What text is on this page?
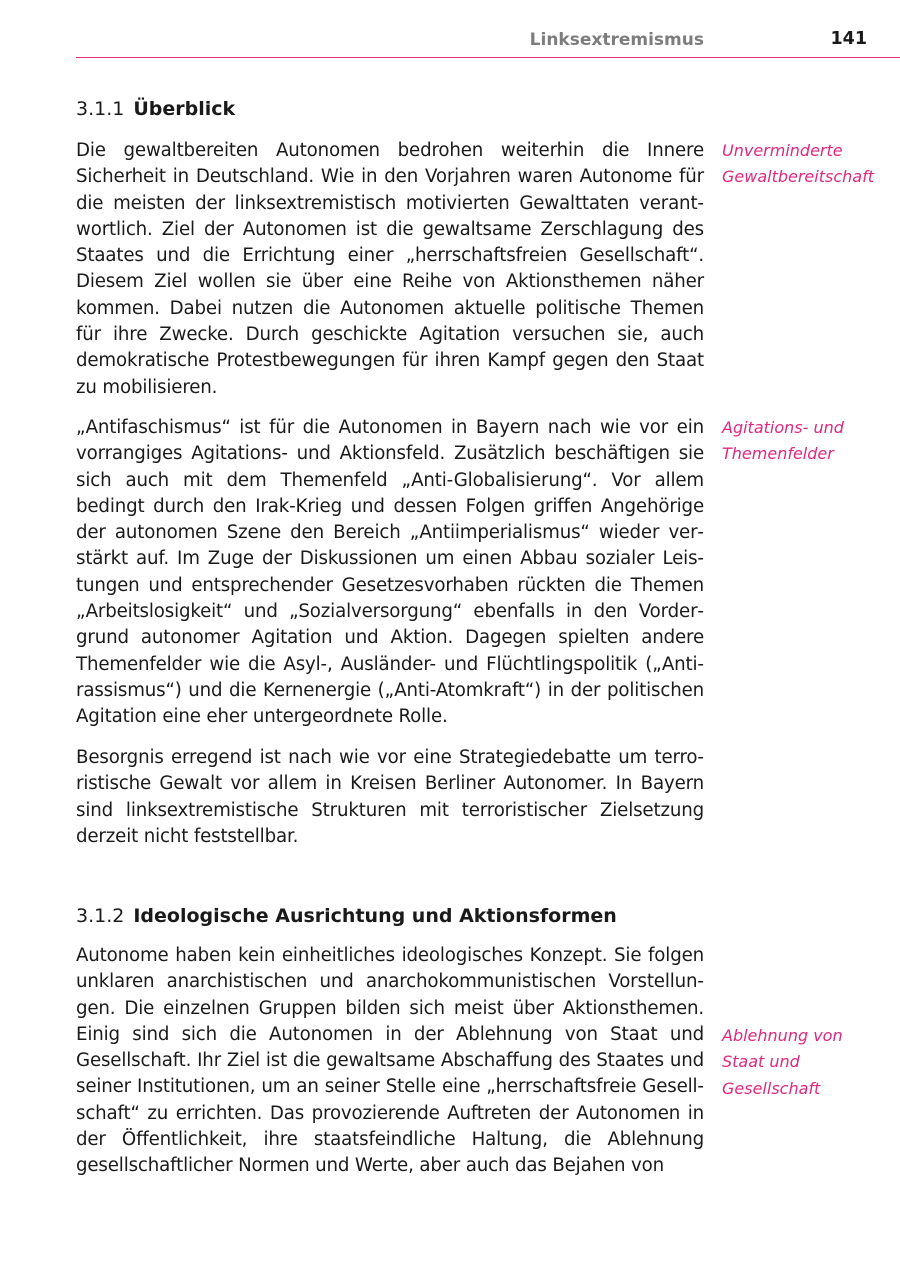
Linksextremismus	141
3.1.1 Überblick

Die gewaltbereiten Autonomen bedrohen weiterhin die Innere Sicherheit in Deutschland. Wie in den Vorjahren waren Autonome für die meisten der linksextremistisch motivierten Gewalttaten verantwortlich. Ziel der Autonomen ist die gewaltsame Zerschlagung des Staates und die Errichtung einer „herrschaftsfreien Gesellschaft“. Diesem Ziel wollen sie über eine Reihe von Aktionsthemen näher kommen. Dabei nutzen die Autonomen aktuelle politische Themen für ihre Zwecke. Durch geschickte Agitation versuchen sie, auch demokratische Protestbewegungen für ihren Kampf gegen den Staat zu mobilisieren.

Unverminderte
Gewaltbereitschaft

„Antifaschismus“ ist für die Autonomen in Bayern nach wie vor ein vorrangiges Agitations- und Aktionsfeld. Zusätzlich beschäftigen sie sich auch mit dem Themenfeld „Anti-Globalisierung“. Vor allem bedingt durch den Irak-Krieg und dessen Folgen griffen Angehörige der autonomen Szene den Bereich „Antiimperialismus“ wieder verstärkt auf. Im Zuge der Diskussionen um einen Abbau sozialer Leistungen und entsprechender Gesetzesvorhaben rückten die Themen „Arbeitslosigkeit“ und „Sozialversorgung“ ebenfalls in den Vordergrund autonomer Agitation und Aktion. Dagegen spielten andere Themenfelder wie die Asyl-, Ausländer- und Flüchtlingspolitik („Antirassismus“) und die Kernenergie („Anti-Atomkraft“) in der politischen Agitation eine eher untergeordnete Rolle.

Agitations- und
Themenfelder

Besorgnis erregend ist nach wie vor eine Strategiedebatte um terroristische Gewalt vor allem in Kreisen Berliner Autonomer. In Bayern sind linksextremistische Strukturen mit terroristischer Zielsetzung derzeit nicht feststellbar.

3.1.2 Ideologische Ausrichtung und Aktionsformen

Autonome haben kein einheitliches ideologisches Konzept. Sie folgen unklaren anarchistischen und anarchokommunistischen Vorstellungen. Die einzelnen Gruppen bilden sich meist über Aktionsthemen. Einig sind sich die Autonomen in der Ablehnung von Staat und Gesellschaft. Ihr Ziel ist die gewaltsame Abschaffung des Staates und seiner Institutionen, um an seiner Stelle eine „herrschaftsfreie Gesellschaft“ zu errichten. Das provozierende Auftreten der Autonomen in der Öffentlichkeit, ihre staatsfeindliche Haltung, die Ablehnung gesellschaftlicher Normen und Werte, aber auch das Bejahen von

Ablehnung von
Staat und
Gesellschaft
